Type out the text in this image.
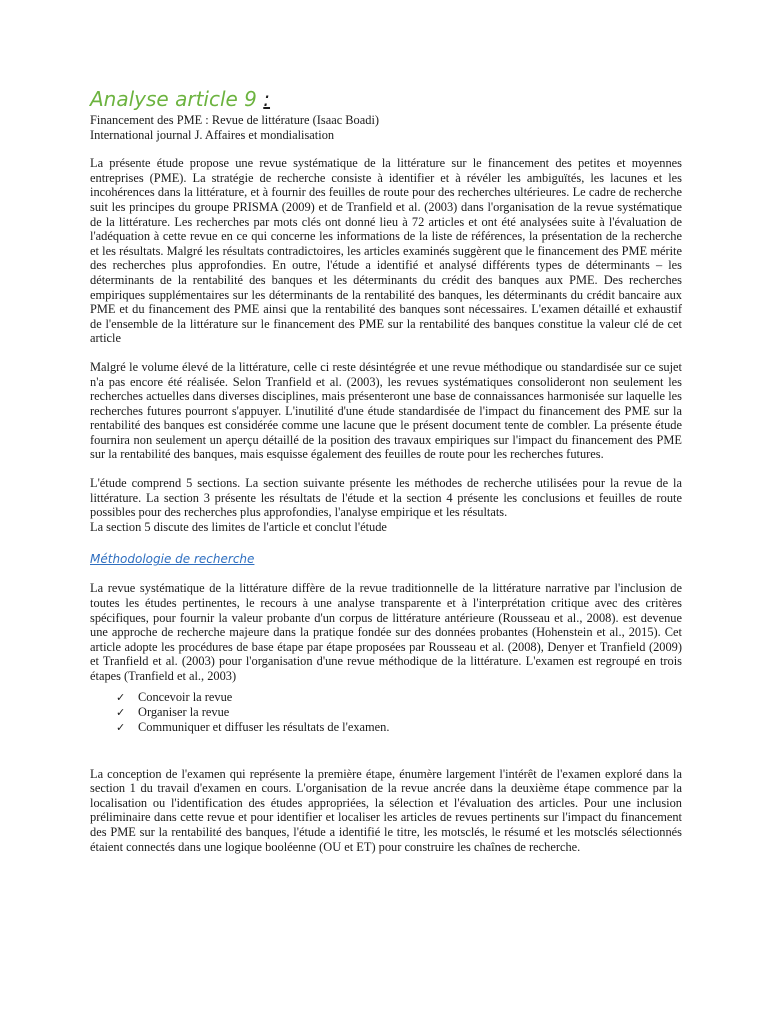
Analyse article 9 :

Financement des PME : Revue de littérature (Isaac Boadi)

International journal J. Affaires et mondialisation

La présente étude propose une revue systématique de la littérature sur le financement des petites et moyennes entreprises (PME). La stratégie de recherche consiste à identifier et à révéler les ambiguïtés, les lacunes et les incohérences dans la littérature, et à fournir des feuilles de route pour des recherches ultérieures. Le cadre de recherche suit les principes du groupe PRISMA (2009) et de Tranfield et al. (2003) dans l'organisation de la revue systématique de la littérature. Les recherches par mots clés ont donné lieu à 72 articles et ont été analysées suite à l'évaluation de l'adéquation à cette revue en ce qui concerne les informations de la liste de références, la présentation de la recherche et les résultats. Malgré les résultats contradictoires, les articles examinés suggèrent que le financement des PME mérite des recherches plus approfondies. En outre, l'étude a identifié et analysé différents types de déterminants – les déterminants de la rentabilité des banques et les déterminants du crédit des banques aux PME. Des recherches empiriques supplémentaires sur les déterminants de la rentabilité des banques, les déterminants du crédit bancaire aux PME et du financement des PME ainsi que la rentabilité des banques sont nécessaires. L'examen détaillé et exhaustif de l'ensemble de la littérature sur le financement des PME sur la rentabilité des banques constitue la valeur clé de cet article

Malgré le volume élevé de la littérature, celle ci reste désintégrée et une revue méthodique ou standardisée sur ce sujet n'a pas encore été réalisée. Selon Tranfield et al. (2003), les revues systématiques consolideront non seulement les recherches actuelles dans diverses disciplines, mais présenteront une base de connaissances harmonisée sur laquelle les recherches futures pourront s'appuyer. L'inutilité d'une étude standardisée de l'impact du financement des PME sur la rentabilité des banques est considérée comme une lacune que le présent document tente de combler. La présente étude fournira non seulement un aperçu détaillé de la position des travaux empiriques sur l'impact du financement des PME sur la rentabilité des banques, mais esquisse également des feuilles de route pour les recherches futures.

L'étude comprend 5 sections. La section suivante présente les méthodes de recherche utilisées pour la revue de la littérature. La section 3 présente les résultats de l'étude et la section 4 présente les conclusions et feuilles de route possibles pour des recherches plus approfondies, l'analyse empirique et les résultats.

La section 5 discute des limites de l'article et conclut l'étude

Méthodologie de recherche

La revue systématique de la littérature diffère de la revue traditionnelle de la littérature narrative par l'inclusion de toutes les études pertinentes, le recours à une analyse transparente et à l'interprétation critique avec des critères spécifiques, pour fournir la valeur probante d'un corpus de littérature antérieure (Rousseau et al., 2008). est devenue une approche de recherche majeure dans la pratique fondée sur des données probantes (Hohenstein et al., 2015). Cet article adopte les procédures de base étape par étape proposées par Rousseau et al. (2008), Denyer et Tranfield (2009) et Tranfield et al. (2003) pour l'organisation d'une revue méthodique de la littérature. L'examen est regroupé en trois étapes (Tranfield et al., 2003)

✓ Concevoir la revue
✓ Organiser la revue
✓ Communiquer et diffuser les résultats de l'examen.

La conception de l'examen qui représente la première étape, énumère largement l'intérêt de l'examen exploré dans la section 1 du travail d'examen en cours. L'organisation de la revue ancrée dans la deuxième étape commence par la localisation ou l'identification des études appropriées, la sélection et l'évaluation des articles. Pour une inclusion préliminaire dans cette revue et pour identifier et localiser les articles de revues pertinents sur l'impact du financement des PME sur la rentabilité des banques, l'étude a identifié le titre, les motsclés, le résumé et les motsclés sélectionnés étaient connectés dans une logique booléenne (OU et ET) pour construire les chaînes de recherche.
